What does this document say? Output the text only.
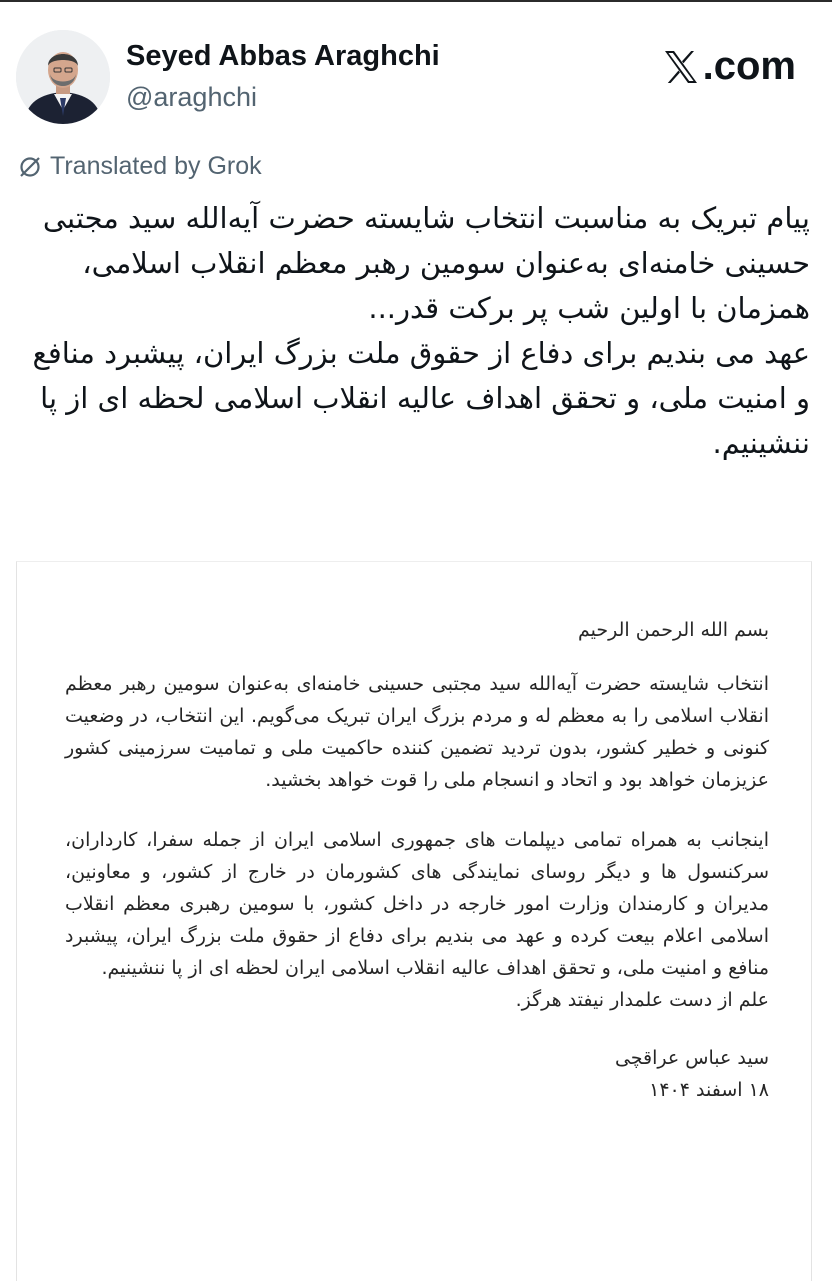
Seyed Abbas Araghchi
@araghchi
.com
Translated by Grok

پیام تبریک به مناسبت انتخاب شایسته حضرت آیه‌الله سید مجتبی حسینی خامنه‌ای به‌عنوان سومین رهبر معظم انقلاب اسلامی، همزمان با اولین شب پر برکت قدر...

عهد می بندیم برای دفاع از حقوق ملت بزرگ ایران، پیشبرد منافع و امنیت ملی، و تحقق اهداف عالیه انقلاب اسلامی لحظه ای از پا ننشینیم.

بسم الله الرحمن الرحیم

انتخاب شایسته حضرت آیه‌الله سید مجتبی حسینی خامنه‌ای به‌عنوان سومین رهبر معظم انقلاب اسلامی را به معظم له و مردم بزرگ ایران تبریک می‌گویم. این انتخاب، در وضعیت کنونی و خطیر کشور، بدون تردید تضمین کننده حاکمیت ملی و تمامیت سرزمینی کشور عزیزمان خواهد بود و اتحاد و انسجام ملی را قوت خواهد بخشید.

اینجانب به همراه تمامی دیپلمات های جمهوری اسلامی ایران از جمله سفرا، کارداران، سرکنسول ها و دیگر روسای نمایندگی های کشورمان در خارج از کشور، و معاونین، مدیران و کارمندان وزارت امور خارجه در داخل کشور، با سومین رهبری معظم انقلاب اسلامی اعلام بیعت کرده و عهد می بندیم برای دفاع از حقوق ملت بزرگ ایران، پیشبرد منافع و امنیت ملی، و تحقق اهداف عالیه انقلاب اسلامی ایران لحظه ای از پا ننشینیم.

علم از دست علمدار نیفتد هرگز.

سید عباس عراقچی

۱۸ اسفند ۱۴۰۴
